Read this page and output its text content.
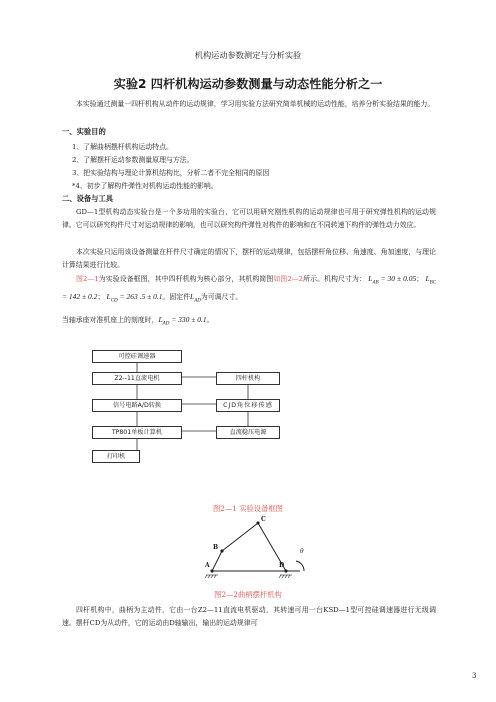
机构运动参数测定与分析实验
实验2 四杆机构运动参数测量与动态性能分析之一
本实验通过测量一四杆机构从动件的运动规律，学习用实验方法研究简单机械的运动性能，培养分析实验结果的能力。
一、实验目的
1、了解曲柄摆杆机构运动特点。
2、了解摆杆运动参数测量原理与方法。
3、把实验结构与理论计算机结构比，分析二者不完全相同的原因
*4、初步了解构件弹性对机构运动性能的影响。
二、设备与工具
GD—1型机构动态实验台是一个多功用的实验台，它可以用研究刚性机构的运动规律也可用于研究弹性机构的运动规律。它可以研究构件尺寸对运动规律的影响，也可以研究构件弹性对构件的影响和在不同转速下构件的弹性动力效应。
本次实验只运用该设备测量在杆件尺寸确定的情况下，摆杆的运动规律，包括摆杆角位移、角速度、角加速度，与理论计算结果进行比较。
图2—1为实验设备框图，其中四杆机构为核心部分，其机构简图如图2—2所示。机构尺寸为： $L_{AB} = 30 \pm 0.05$； $L_{BC} = 142 \pm 0.2$； $L_{CD} = 263$ .5 ± 0.1。固定件$L_{AD}$为可调尺寸。
当轴承座对准机座上的刻度时，$L_{AD} = 330 \pm 0.1$。
可控硅调速器
Z2--11直流电机	四杆机构
信号电路A/D转换	CJD角位移传感
TP801单板计算机	直流稳压电源
打印机
图2—1 实验设备框图
A
B
C
D
θ
图2—2曲柄摆杆机构
四杆机构中，曲柄为主动件，它由一台Z2—11直流电机驱动，其转速可用一台KSD—1型可控硅调速器进行无级调速。摆杆CD为从动件，它的运动由D轴输出，输出的运动规律可
3
